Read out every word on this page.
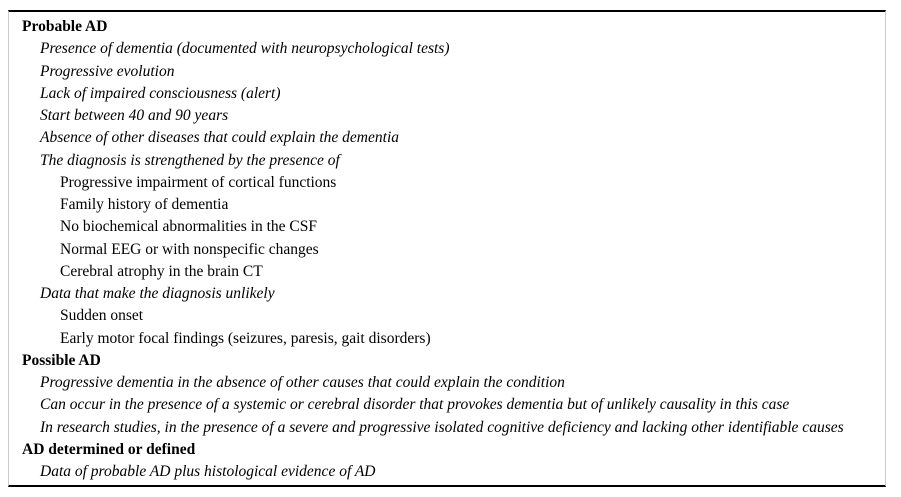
Probable AD
Presence of dementia (documented with neuropsychological tests)
Progressive evolution
Lack of impaired consciousness (alert)
Start between 40 and 90 years
Absence of other diseases that could explain the dementia
The diagnosis is strengthened by the presence of
Progressive impairment of cortical functions
Family history of dementia
No biochemical abnormalities in the CSF
Normal EEG or with nonspecific changes
Cerebral atrophy in the brain CT
Data that make the diagnosis unlikely
Sudden onset
Early motor focal findings (seizures, paresis, gait disorders)
Possible AD
Progressive dementia in the absence of other causes that could explain the condition
Can occur in the presence of a systemic or cerebral disorder that provokes dementia but of unlikely causality in this case
In research studies, in the presence of a severe and progressive isolated cognitive deficiency and lacking other identifiable causes
AD determined or defined
Data of probable AD plus histological evidence of AD
